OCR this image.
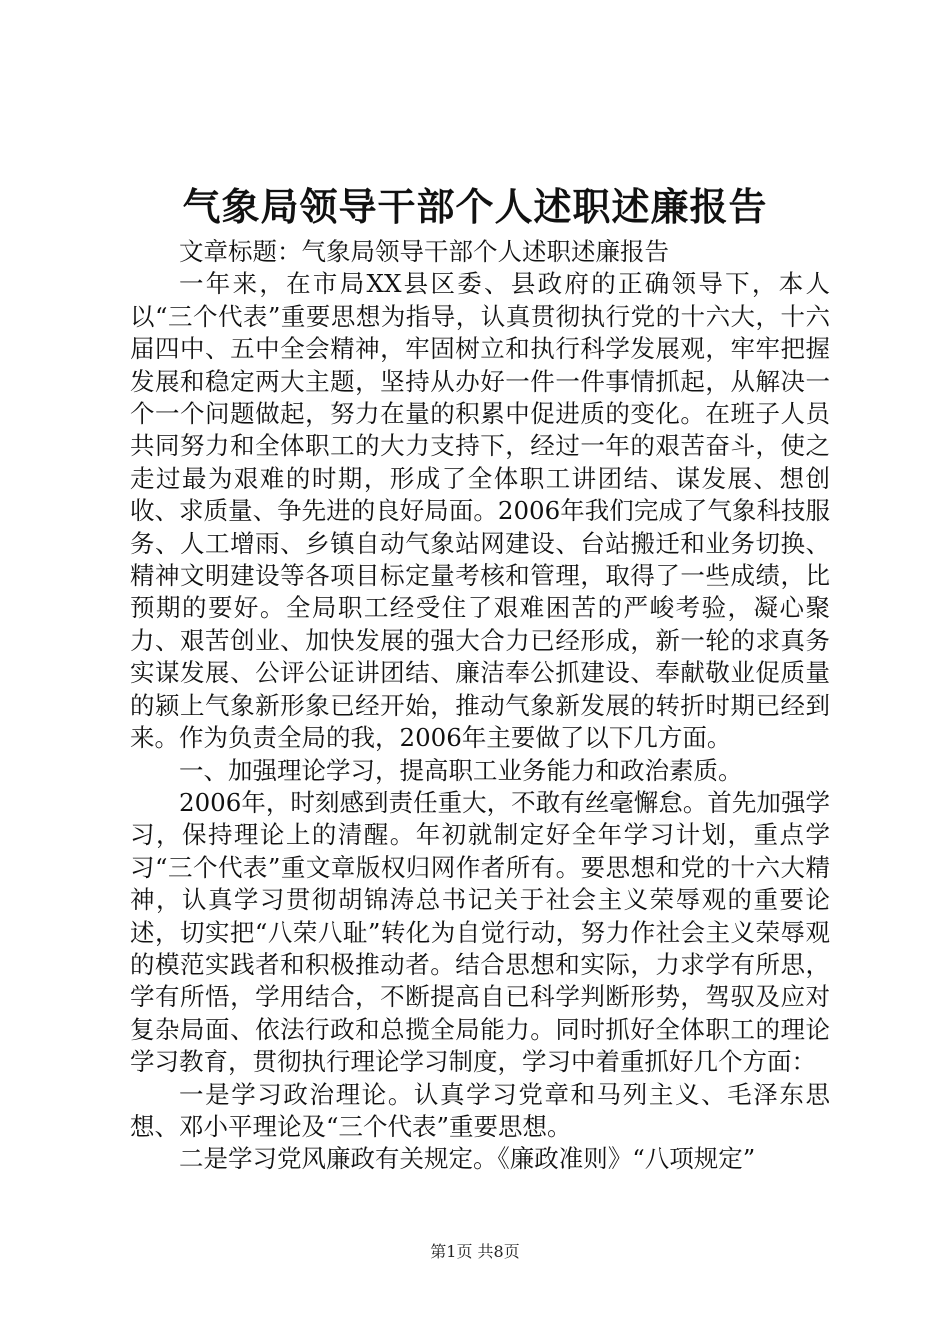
气象局领导干部个人述职述廉报告

文章标题：气象局领导干部个人述职述廉报告

一年来，在市局XX县区委、县政府的正确领导下，本人以“三个代表”重要思想为指导，认真贯彻执行党的十六大，十六届四中、五中全会精神，牢固树立和执行科学发展观，牢牢把握发展和稳定两大主题，坚持从办好一件一件事情抓起，从解决一个一个问题做起，努力在量的积累中促进质的变化。在班子人员共同努力和全体职工的大力支持下，经过一年的艰苦奋斗，使之走过最为艰难的时期，形成了全体职工讲团结、谋发展、想创收、求质量、争先进的良好局面。2006年我们完成了气象科技服务、人工增雨、乡镇自动气象站网建设、台站搬迁和业务切换、精神文明建设等各项目标定量考核和管理，取得了一些成绩，比预期的要好。全局职工经受住了艰难困苦的严峻考验，凝心聚力、艰苦创业、加快发展的强大合力已经形成，新一轮的求真务实谋发展、公评公证讲团结、廉洁奉公抓建设、奉献敬业促质量的颍上气象新形象已经开始，推动气象新发展的转折时期已经到来。作为负责全局的我，2006年主要做了以下几方面。

一、加强理论学习，提高职工业务能力和政治素质。

2006年，时刻感到责任重大，不敢有丝毫懈怠。首先加强学习，保持理论上的清醒。年初就制定好全年学习计划，重点学习“三个代表”重文章版权归网作者所有。要思想和党的十六大精神，认真学习贯彻胡锦涛总书记关于社会主义荣辱观的重要论述，切实把“八荣八耻”转化为自觉行动，努力作社会主义荣辱观的模范实践者和积极推动者。结合思想和实际，力求学有所思，学有所悟，学用结合，不断提高自已科学判断形势，驾驭及应对复杂局面、依法行政和总揽全局能力。同时抓好全体职工的理论学习教育，贯彻执行理论学习制度，学习中着重抓好几个方面：

一是学习政治理论。认真学习党章和马列主义、毛泽东思想、邓小平理论及“三个代表”重要思想。

二是学习党风廉政有关规定。《廉政准则》“八项规定”

第1页 共8页
